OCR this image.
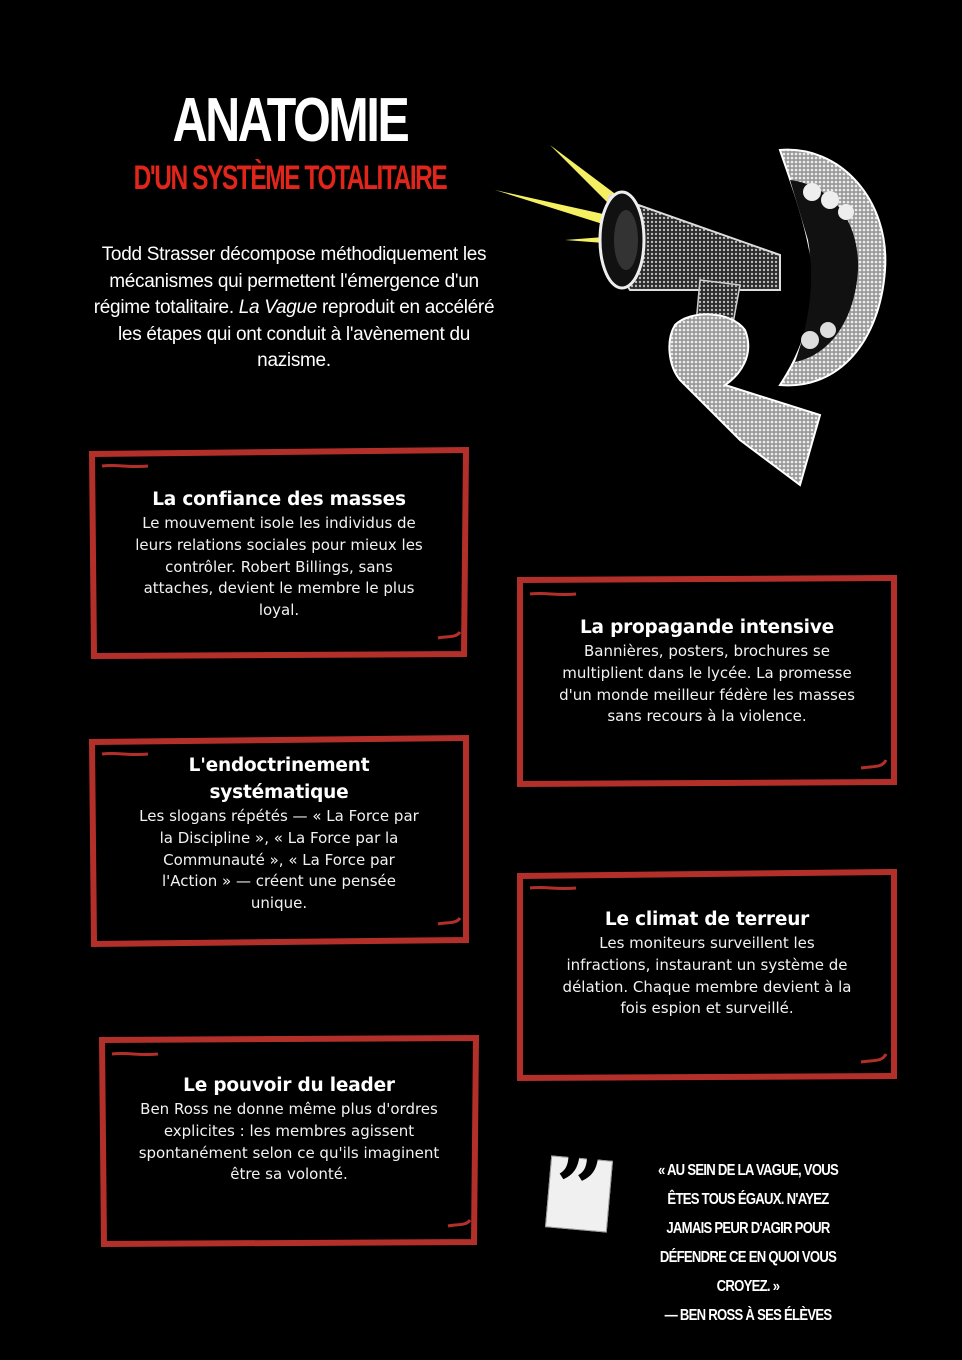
ANATOMIE
D'UN SYSTÈME TOTALITAIRE

Todd Strasser décompose méthodiquement les mécanismes qui permettent l'émergence d'un régime totalitaire. La Vague reproduit en accéléré les étapes qui ont conduit à l'avènement du nazisme.

La confiance des masses

Le mouvement isole les individus de leurs relations sociales pour mieux les contrôler. Robert Billings, sans attaches, devient le membre le plus loyal.

La propagande intensive

Bannières, posters, brochures se multiplient dans le lycée. La promesse d'un monde meilleur fédère les masses sans recours à la violence.

L'endoctrinement systématique

Les slogans répétés — « La Force par la Discipline », « La Force par la Communauté », « La Force par l'Action » — créent une pensée unique.

Le climat de terreur

Les moniteurs surveillent les infractions, instaurant un système de délation. Chaque membre devient à la fois espion et surveillé.

Le pouvoir du leader

Ben Ross ne donne même plus d'ordres explicites : les membres agissent spontanément selon ce qu'ils imaginent être sa volonté.	”	« AU SEIN DE LA VAGUE, VOUS ÊTES TOUS ÉGAUX. N'AYEZ JAMAIS PEUR D'AGIR POUR DÉFENDRE CE EN QUOI VOUS CROYEZ. »
— BEN ROSS À SES ÉLÈVES
